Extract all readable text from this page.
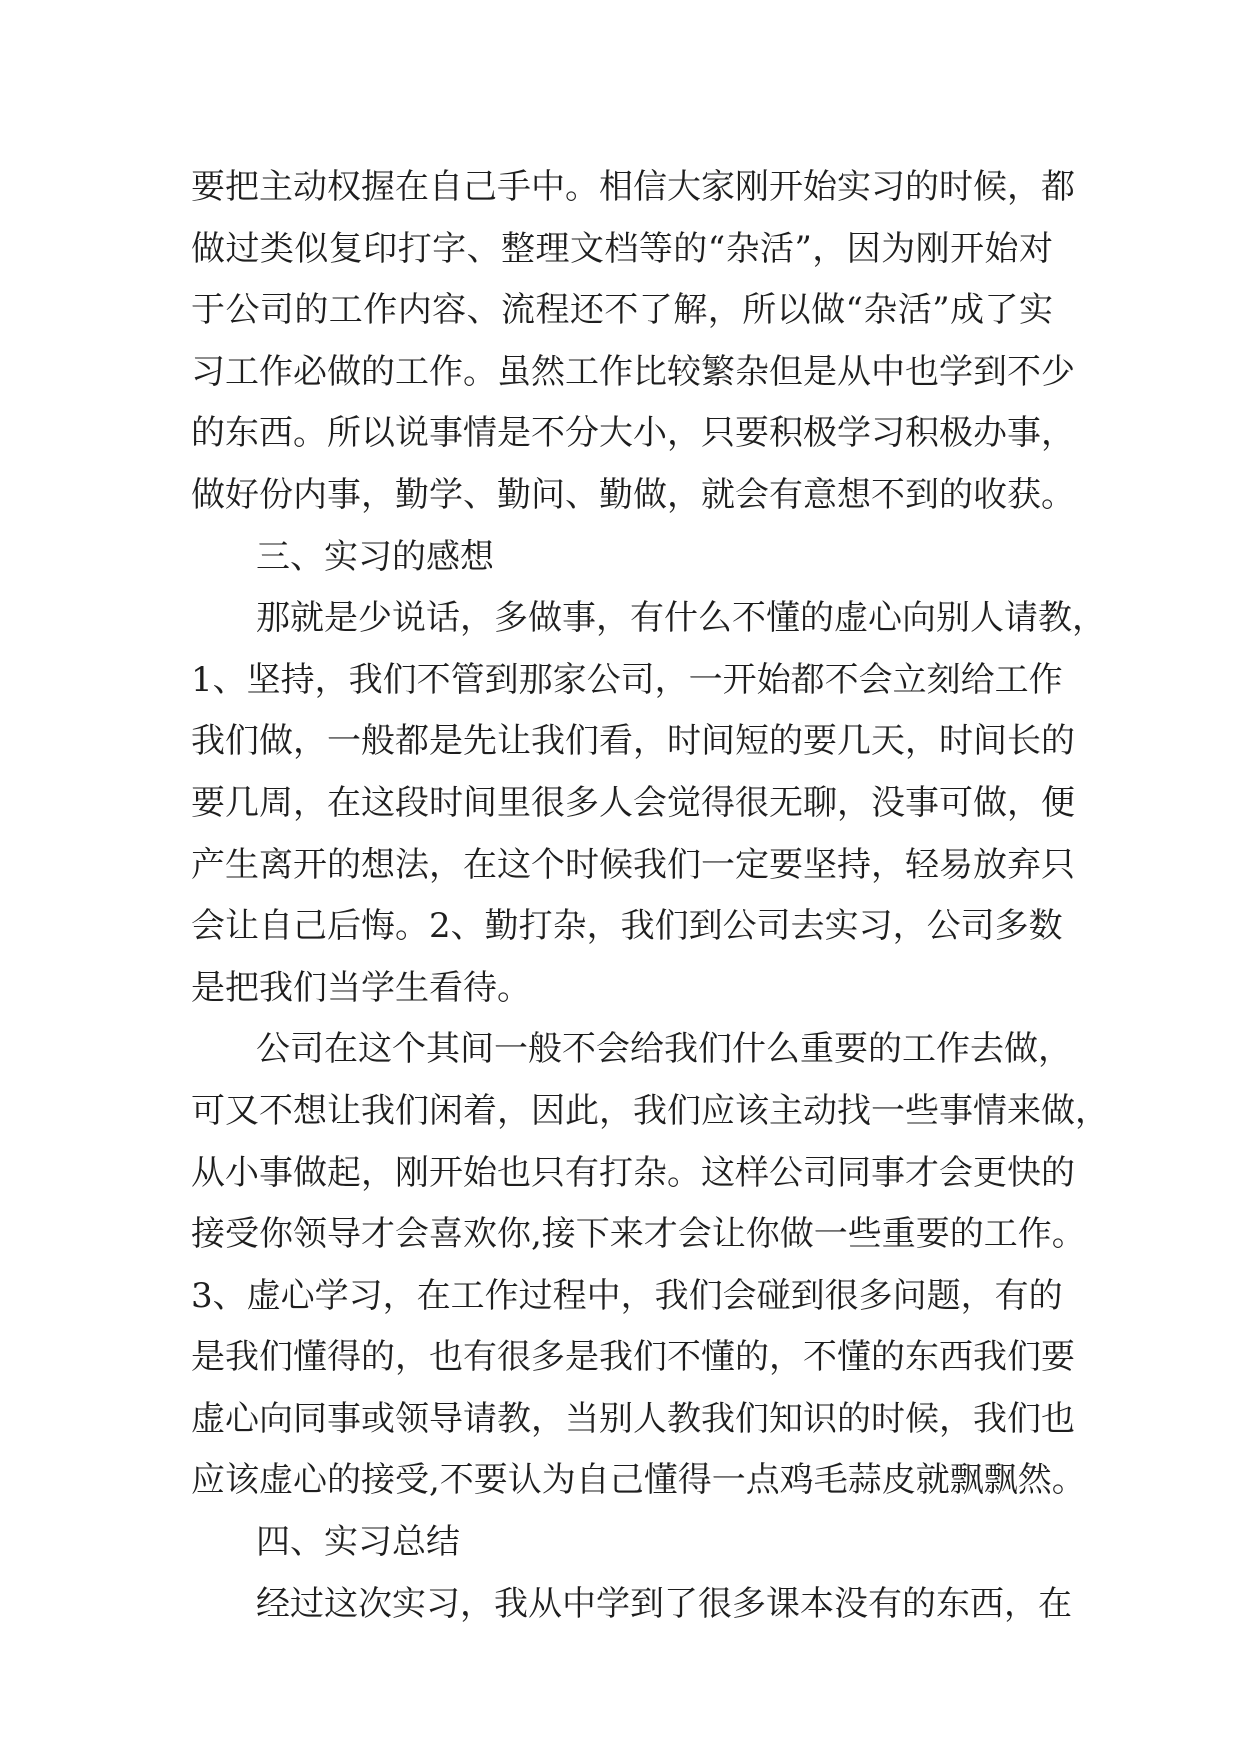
要把主动权握在自己手中。相信大家刚开始实习的时候，都
做过类似复印打字、整理文档等的“杂活”，因为刚开始对
于公司的工作内容、流程还不了解，所以做“杂活”成了实
习工作必做的工作。虽然工作比较繁杂但是从中也学到不少
的东西。所以说事情是不分大小，只要积极学习积极办事，
做好份内事，勤学、勤问、勤做，就会有意想不到的收获。
三、实习的感想
那就是少说话，多做事，有什么不懂的虚心向别人请教，
1、坚持，我们不管到那家公司，一开始都不会立刻给工作
我们做，一般都是先让我们看，时间短的要几天，时间长的
要几周，在这段时间里很多人会觉得很无聊，没事可做，便
产生离开的想法，在这个时候我们一定要坚持，轻易放弃只
会让自己后悔。2、勤打杂，我们到公司去实习，公司多数
是把我们当学生看待。
公司在这个其间一般不会给我们什么重要的工作去做，
可又不想让我们闲着，因此，我们应该主动找一些事情来做，
从小事做起，刚开始也只有打杂。这样公司同事才会更快的
接受你领导才会喜欢你,接下来才会让你做一些重要的工作。
3、虚心学习，在工作过程中，我们会碰到很多问题，有的
是我们懂得的，也有很多是我们不懂的，不懂的东西我们要
虚心向同事或领导请教，当别人教我们知识的时候，我们也
应该虚心的接受,不要认为自己懂得一点鸡毛蒜皮就飘飘然。
四、实习总结
经过这次实习，我从中学到了很多课本没有的东西，在
